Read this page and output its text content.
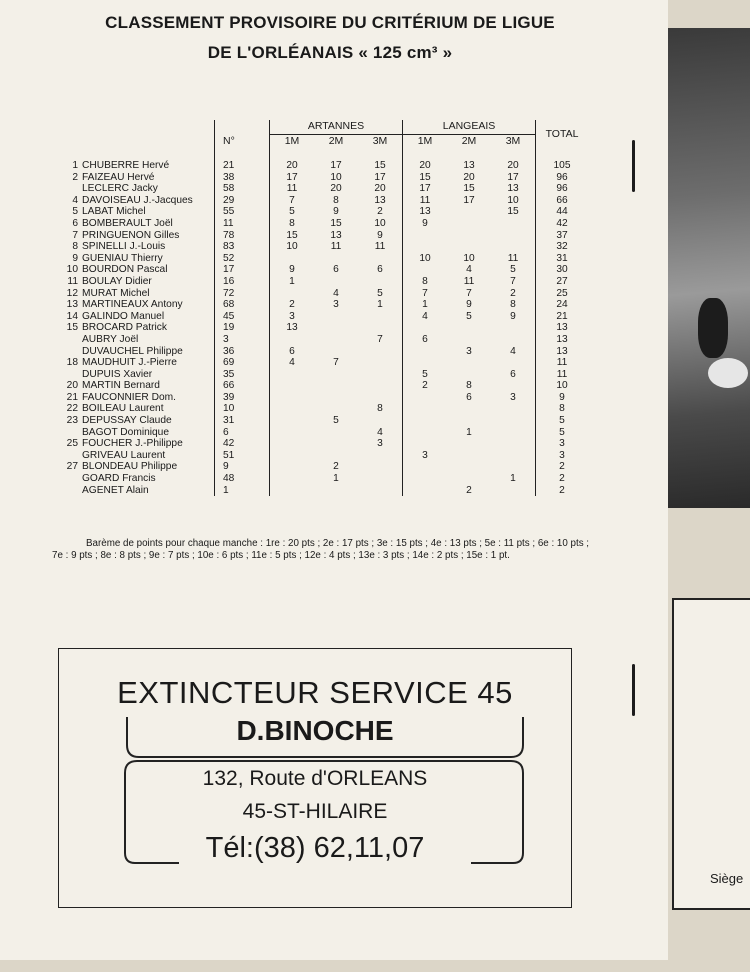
CLASSEMENT PROVISOIRE DU CRITÉRIUM DE LIGUE
DE L'ORLÉANAIS « 125 cm³ »
			ARTANNES			LANGEAIS			TOTAL
		N°	1M	2M	3M	1M	2M	3M	
1	CHUBERRE Hervé	21	20	17	15	20	13	20	105
2	FAIZEAU Hervé	38	17	10	17	15	20	17	96
	LECLERC Jacky	58	11	20	20	17	15	13	96
4	DAVOISEAU J.-Jacques	29	7	8	13	11	17	10	66
5	LABAT Michel	55	5	9	2	13		15	44
6	BOMBERAULT Joël	11	8	15	10	9			42
7	PRINGUENON Gilles	78	15	13	9				37
8	SPINELLI J.-Louis	83	10	11	11				32
9	GUENIAU Thierry	52				10	10	11	31
10	BOURDON Pascal	17	9	6	6		4	5	30
11	BOULAY Didier	16	1			8	11	7	27
12	MURAT Michel	72		4	5	7	7	2	25
13	MARTINEAUX Antony	68	2	3	1	1	9	8	24
14	GALINDO Manuel	45	3			4	5	9	21
15	BROCARD Patrick	19	13						13
	AUBRY Joël	3			7	6			13
	DUVAUCHEL Philippe	36	6				3	4	13
18	MAUDHUIT J.-Pierre	69	4	7					11
	DUPUIS Xavier	35				5		6	11
20	MARTIN Bernard	66				2	8		10
21	FAUCONNIER Dom.	39					6	3	9
22	BOILEAU Laurent	10			8				8
23	DEPUSSAY Claude	31		5					5
	BAGOT Dominique	6			4		1		5
25	FOUCHER J.-Philippe	42			3				3
	GRIVEAU Laurent	51				3			3
27	BLONDEAU Philippe	9		2					2
	GOARD Francis	48		1				1	2
	AGENET Alain	1					2		2
Barème de points pour chaque manche : 1re : 20 pts ; 2e : 17 pts ; 3e : 15 pts ; 4e : 13 pts ; 5e : 11 pts ; 6e : 10 pts ; 7e : 9 pts ; 8e : 8 pts ; 9e : 7 pts ; 10e : 6 pts ; 11e : 5 pts ; 12e : 4 pts ; 13e : 3 pts ; 14e : 2 pts ; 15e : 1 pt.
EXTINCTEUR SERVICE 45
D.BINOCHE
132, Route d'ORLEANS
45-ST-HILAIRE
Tél:(38) 62,11,07
Siège
